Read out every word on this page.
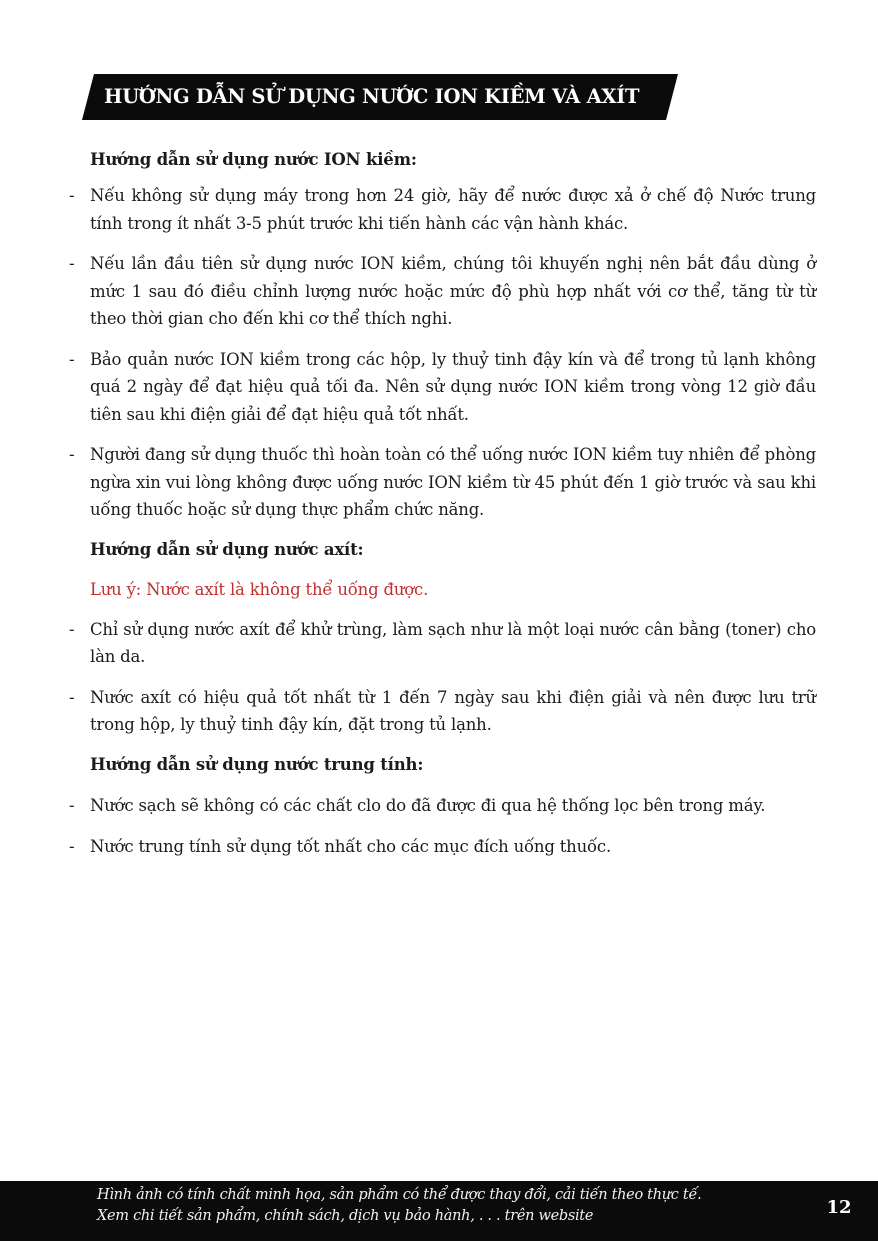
HƯỚNG DẪN SỬ DỤNG NƯỚC ION KIỀM VÀ AXÍT

Hướng dẫn sử dụng nước ION kiềm:

- Nếu không sử dụng máy trong hơn 24 giờ, hãy để nước được xả ở chế độ Nước trung tính trong ít nhất 3-5 phút trước khi tiến hành các vận hành khác.
- Nếu lần đầu tiên sử dụng nước ION kiềm, chúng tôi khuyến nghị nên bắt đầu dùng ở mức 1 sau đó điều chỉnh lượng nước hoặc mức độ phù hợp nhất với cơ thể, tăng từ từ theo thời gian cho đến khi cơ thể thích nghi.
- Bảo quản nước ION kiềm trong các hộp, ly thuỷ tinh đậy kín và để trong tủ lạnh không quá 2 ngày để đạt hiệu quả tối đa. Nên sử dụng nước ION kiềm trong vòng 12 giờ đầu tiên sau khi điện giải để đạt hiệu quả tốt nhất.
- Người đang sử dụng thuốc thì hoàn toàn có thể uống nước ION kiềm tuy nhiên để phòng ngừa xin vui lòng không được uống nước ION kiềm từ 45 phút đến 1 giờ trước và sau khi uống thuốc hoặc sử dụng thực phẩm chức năng.

Hướng dẫn sử dụng nước axít:

Lưu ý: Nước axít là không thể uống được.

- Chỉ sử dụng nước axít để khử trùng, làm sạch như là một loại nước cân bằng (toner) cho làn da.
- Nước axít có hiệu quả tốt nhất từ 1 đến 7 ngày sau khi điện giải và nên được lưu trữ trong hộp, ly thuỷ tinh đậy kín, đặt trong tủ lạnh.

Hướng dẫn sử dụng nước trung tính:

- Nước sạch sẽ không có các chất clo do đã được đi qua hệ thống lọc bên trong máy.
- Nước trung tính sử dụng tốt nhất cho các mục đích uống thuốc.
Hình ảnh có tính chất minh họa, sản phẩm có thể được thay đổi, cải tiến theo thực tế.
Xem chi tiết sản phẩm, chính sách, dịch vụ bảo hành, . . . trên website	12
